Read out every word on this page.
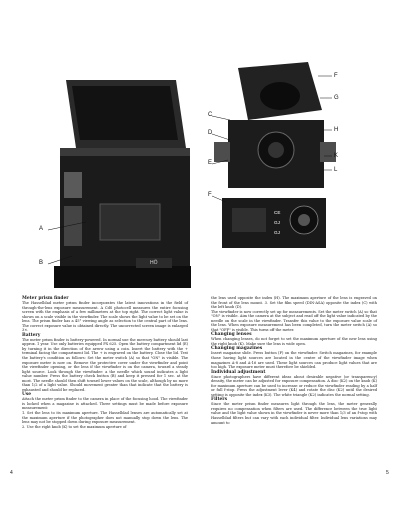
A
B	HÖ
F
G
H
K
L
CE
GJ
GJ
C
D
E
F
Meter prism finder

The Hasselblad meter prism finder incorporates the latest innovations in the field of through-the-lens exposure measurement. A CdS photocell measures the entire focusing screen with the emphasis of a few millimetres at the top right. The correct light value is shown on a scale visible in the viewfinder. The scale shows the light value to be set on the lens. The prism finder has a 45° viewing angle as selection to the central part of the lens. The correct exposure value is obtained directly. The uncorrected screen image is enlarged 3×.

Battery

The meter prism finder is battery-powered. In normal use the mercury battery should last approx. 1 year. Use only batteries equipped PX 625. Open the battery compartment lid (E) by turning it in the direction of the arrow using a coin. Insert the battery with the + terminal facing the compartment lid. The + is engraved on the battery. Close the lid. Test the battery's condition as follows: Set the meter switch (A) so that "ON" is visible. The exposure meter is now on. Remove the protective cover under the viewfinder and point the viewfinder opening, or the lens if the viewfinder is on the camera, toward a steady light source. Look through the viewfinder: a the needle which sound indicates a light value number. Press the battery check button (B) and keep it pressed for 1 sec. at the most. The needle should then shift toward lower values on the scale, although by no more than 1/2 of a light value. Should movement greater than that indicate that the battery is exhausted and should be replaced.

Use

Attach the meter prism finder to the camera in place of the focusing hood. The viewfinder is locked when a magazine is attached. Three settings must be made before exposure measurement:

1. Set the lens to its maximum aperture. The Hasselblad lenses are automatically set at the maximum aperture if the photographer does not manually stop down the lens. The lens may not be stopped down during exposure measurement.

2. Use the right knob (K) to set the maximum aperture of

4

the lens used opposite the index (H). The maximum aperture of the lens is engraved on the front of the lens mount. 3. Set the film speed (DIN-ASA) opposite the index (C) with the left knob (D).

The viewfinder is now correctly set up for measurements. Set the meter switch (A) so that "ON" is visible. Aim the camera at the subject and read off the light value indicated by the needle on the scale in the viewfinder. Transfer this value to the exposure value scale of the lens. When exposure measurement has been completed, turn the meter switch (A) so that "OFF" is visible. This turns off the meter.

Changing lenses

When changing lenses, do not forget to set the maximum aperture of the new lens using the right knob (K). Make sure the lens is wide open.

Changing magazines

Insert magazine slide. Press button (F) on the viewfinder. Switch magazines, for example those having light sources are located in the centre of the viewfinder image when magazines A-8 and A-16 are used. These light sources can produce light values that are too high. The exposure meter must therefore be shielded.

Individual adjustment

Since photographers have different ideas about desirable negative (or transparency) density, the meter can be adjusted for exposure compensation. A disc (K2) on the knob (K) for maximum aperture can be used to increase or reduce the viewfinder reading by a half or full f-stop. Press the adjustment lever (K4) and rotate the disc (K2) until the desired setting is opposite the index (K3). The white triangle (K2) indicates the normal setting.

Filters

Since the meter prism finder measures light through the lens, the meter generally requires no compensation when filters are used. The difference between the true light value and the light value shown in the viewfinder is never more than 1/3 of an f-stop with Hasselblad filters but can vary with each individual filter. Individual lens variations may amount to

5
